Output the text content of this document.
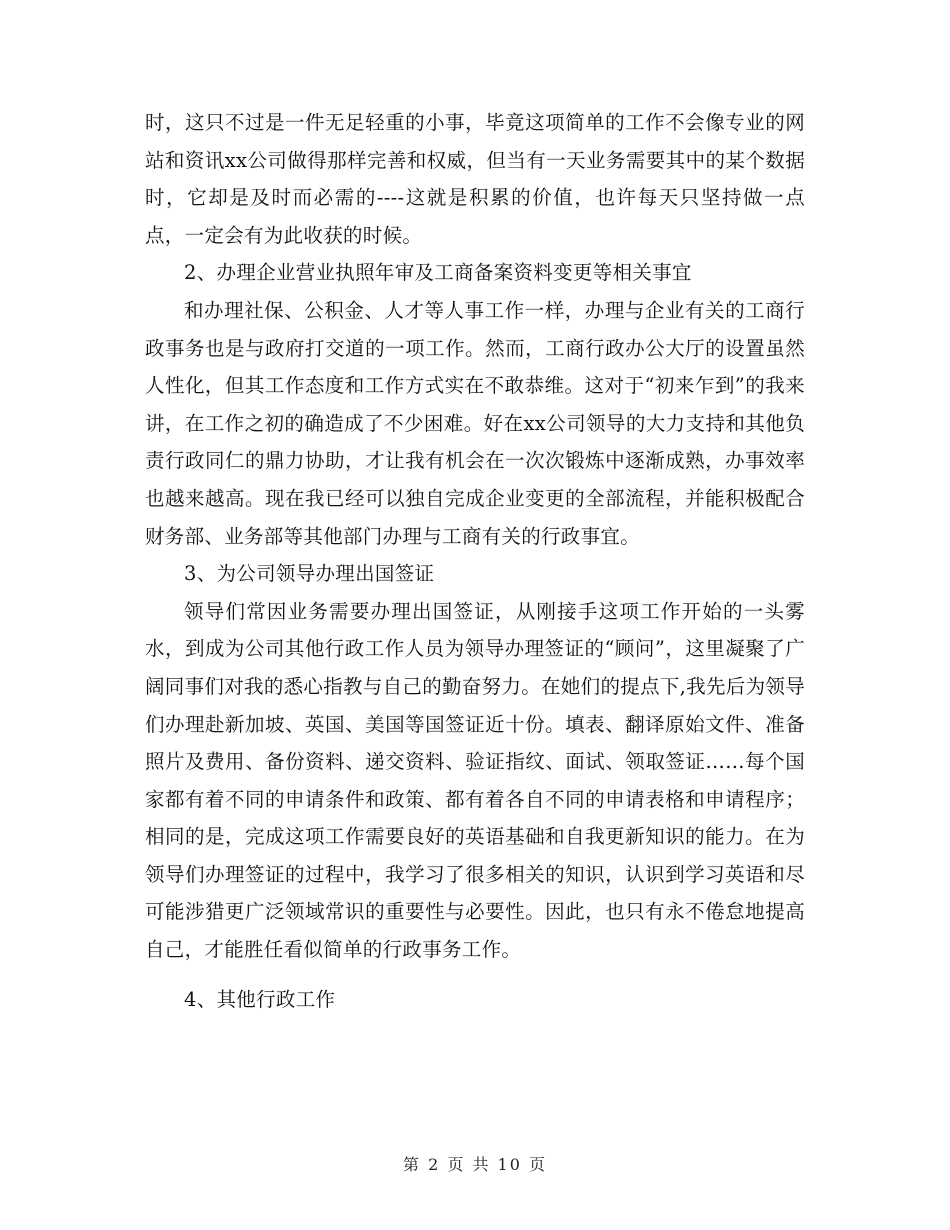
时，这只不过是一件无足轻重的小事，毕竟这项简单的工作不会像专业的网站和资讯xx公司做得那样完善和权威，但当有一天业务需要其中的某个数据时，它却是及时而必需的----这就是积累的价值，也许每天只坚持做一点点，一定会有为此收获的时候。

2、办理企业营业执照年审及工商备案资料变更等相关事宜

和办理社保、公积金、人才等人事工作一样，办理与企业有关的工商行政事务也是与政府打交道的一项工作。然而，工商行政办公大厅的设置虽然人性化，但其工作态度和工作方式实在不敢恭维。这对于“初来乍到”的我来讲，在工作之初的确造成了不少困难。好在xx公司领导的大力支持和其他负责行政同仁的鼎力协助，才让我有机会在一次次锻炼中逐渐成熟，办事效率也越来越高。现在我已经可以独自完成企业变更的全部流程，并能积极配合财务部、业务部等其他部门办理与工商有关的行政事宜。

3、为公司领导办理出国签证

领导们常因业务需要办理出国签证，从刚接手这项工作开始的一头雾水，到成为公司其他行政工作人员为领导办理签证的“顾问”，这里凝聚了广阔同事们对我的悉心指教与自己的勤奋努力。在她们的提点下,我先后为领导们办理赴新加坡、英国、美国等国签证近十份。填表、翻译原始文件、准备照片及费用、备份资料、递交资料、验证指纹、面试、领取签证……每个国家都有着不同的申请条件和政策、都有着各自不同的申请表格和申请程序；相同的是，完成这项工作需要良好的英语基础和自我更新知识的能力。在为领导们办理签证的过程中，我学习了很多相关的知识，认识到学习英语和尽可能涉猎更广泛领域常识的重要性与必要性。因此，也只有永不倦怠地提高自己，才能胜任看似简单的行政事务工作。

4、其他行政工作

第 2 页 共 10 页
